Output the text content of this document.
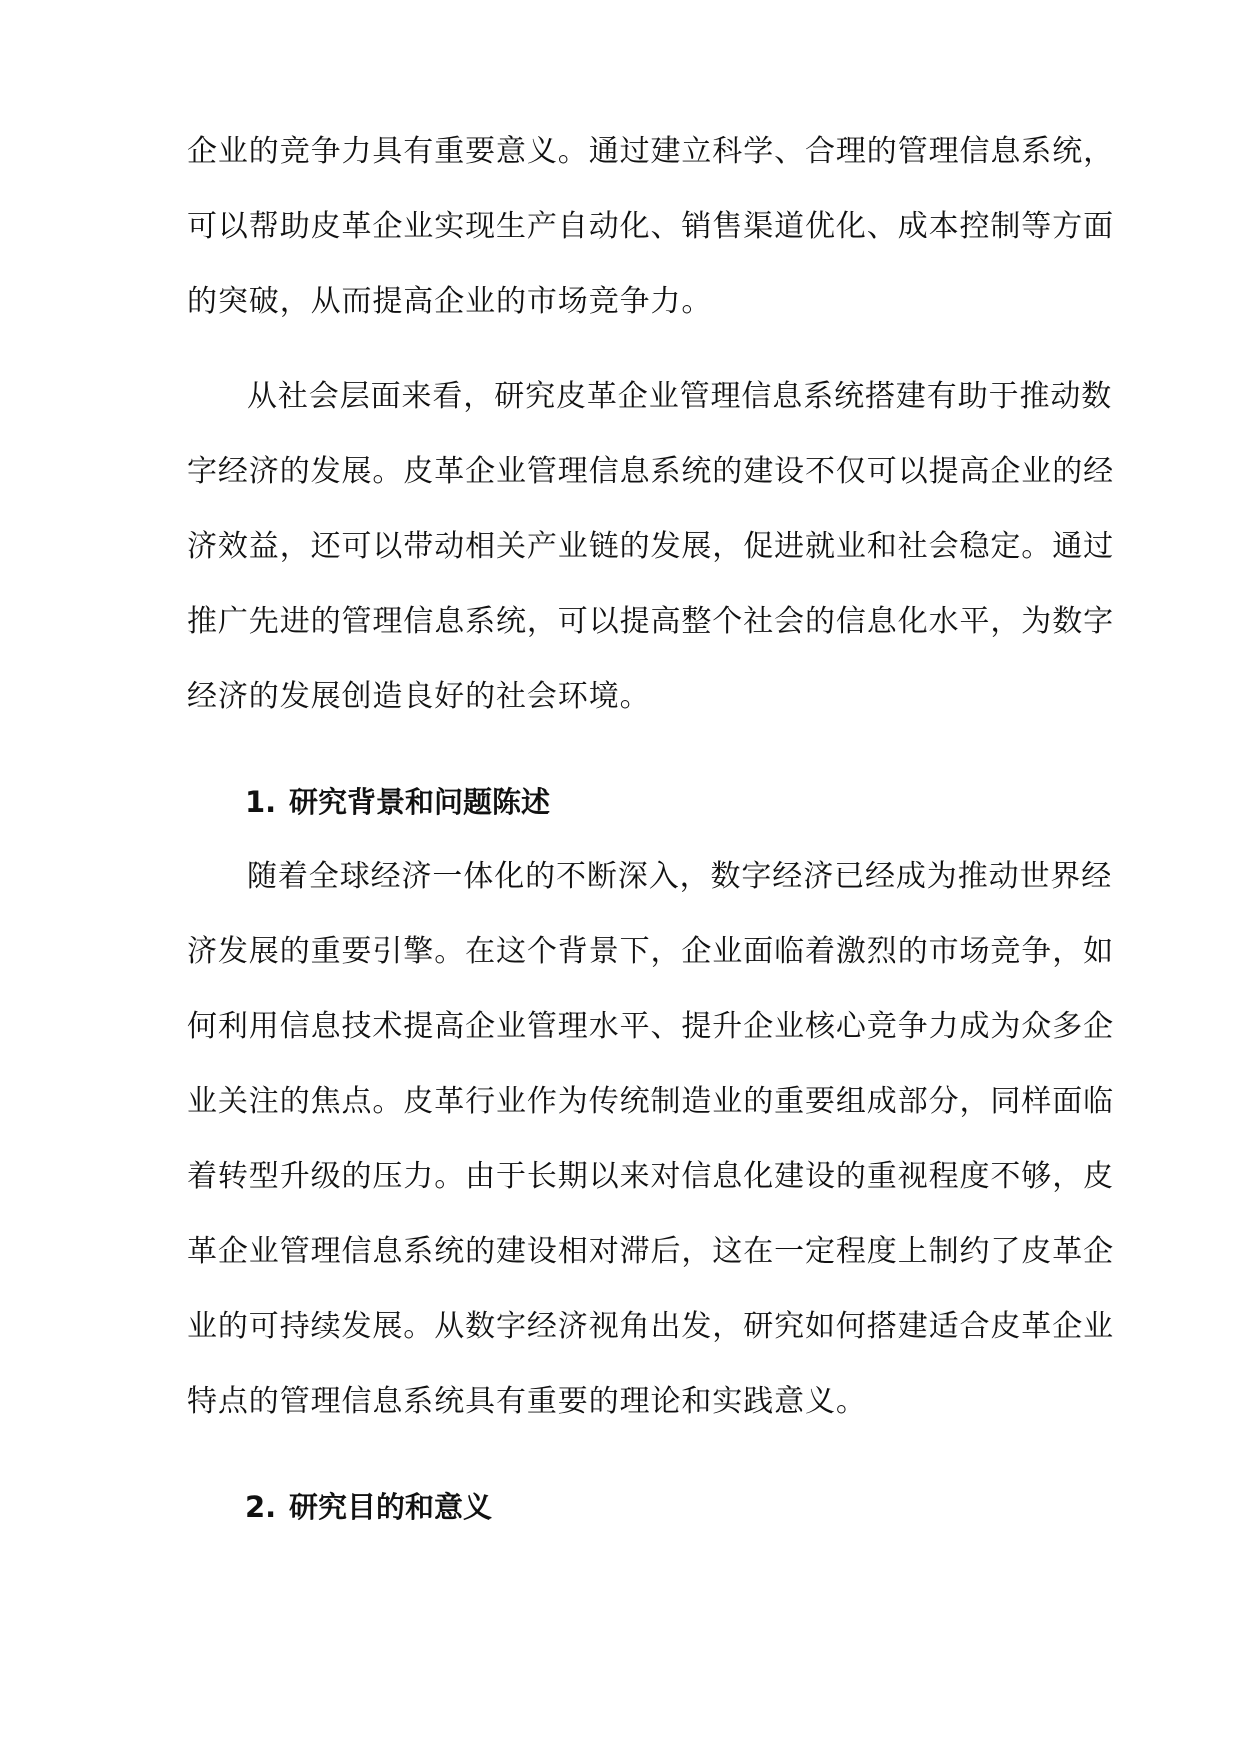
企业的竞争力具有重要意义。通过建立科学、合理的管理信息系统，

可以帮助皮革企业实现生产自动化、销售渠道优化、成本控制等方面

的突破，从而提高企业的市场竞争力。

从社会层面来看，研究皮革企业管理信息系统搭建有助于推动数

字经济的发展。皮革企业管理信息系统的建设不仅可以提高企业的经

济效益，还可以带动相关产业链的发展，促进就业和社会稳定。通过

推广先进的管理信息系统，可以提高整个社会的信息化水平，为数字

经济的发展创造良好的社会环境。

1. 研究背景和问题陈述

随着全球经济一体化的不断深入，数字经济已经成为推动世界经

济发展的重要引擎。在这个背景下，企业面临着激烈的市场竞争，如

何利用信息技术提高企业管理水平、提升企业核心竞争力成为众多企

业关注的焦点。皮革行业作为传统制造业的重要组成部分，同样面临

着转型升级的压力。由于长期以来对信息化建设的重视程度不够，皮

革企业管理信息系统的建设相对滞后，这在一定程度上制约了皮革企

业的可持续发展。从数字经济视角出发，研究如何搭建适合皮革企业

特点的管理信息系统具有重要的理论和实践意义。

2. 研究目的和意义
